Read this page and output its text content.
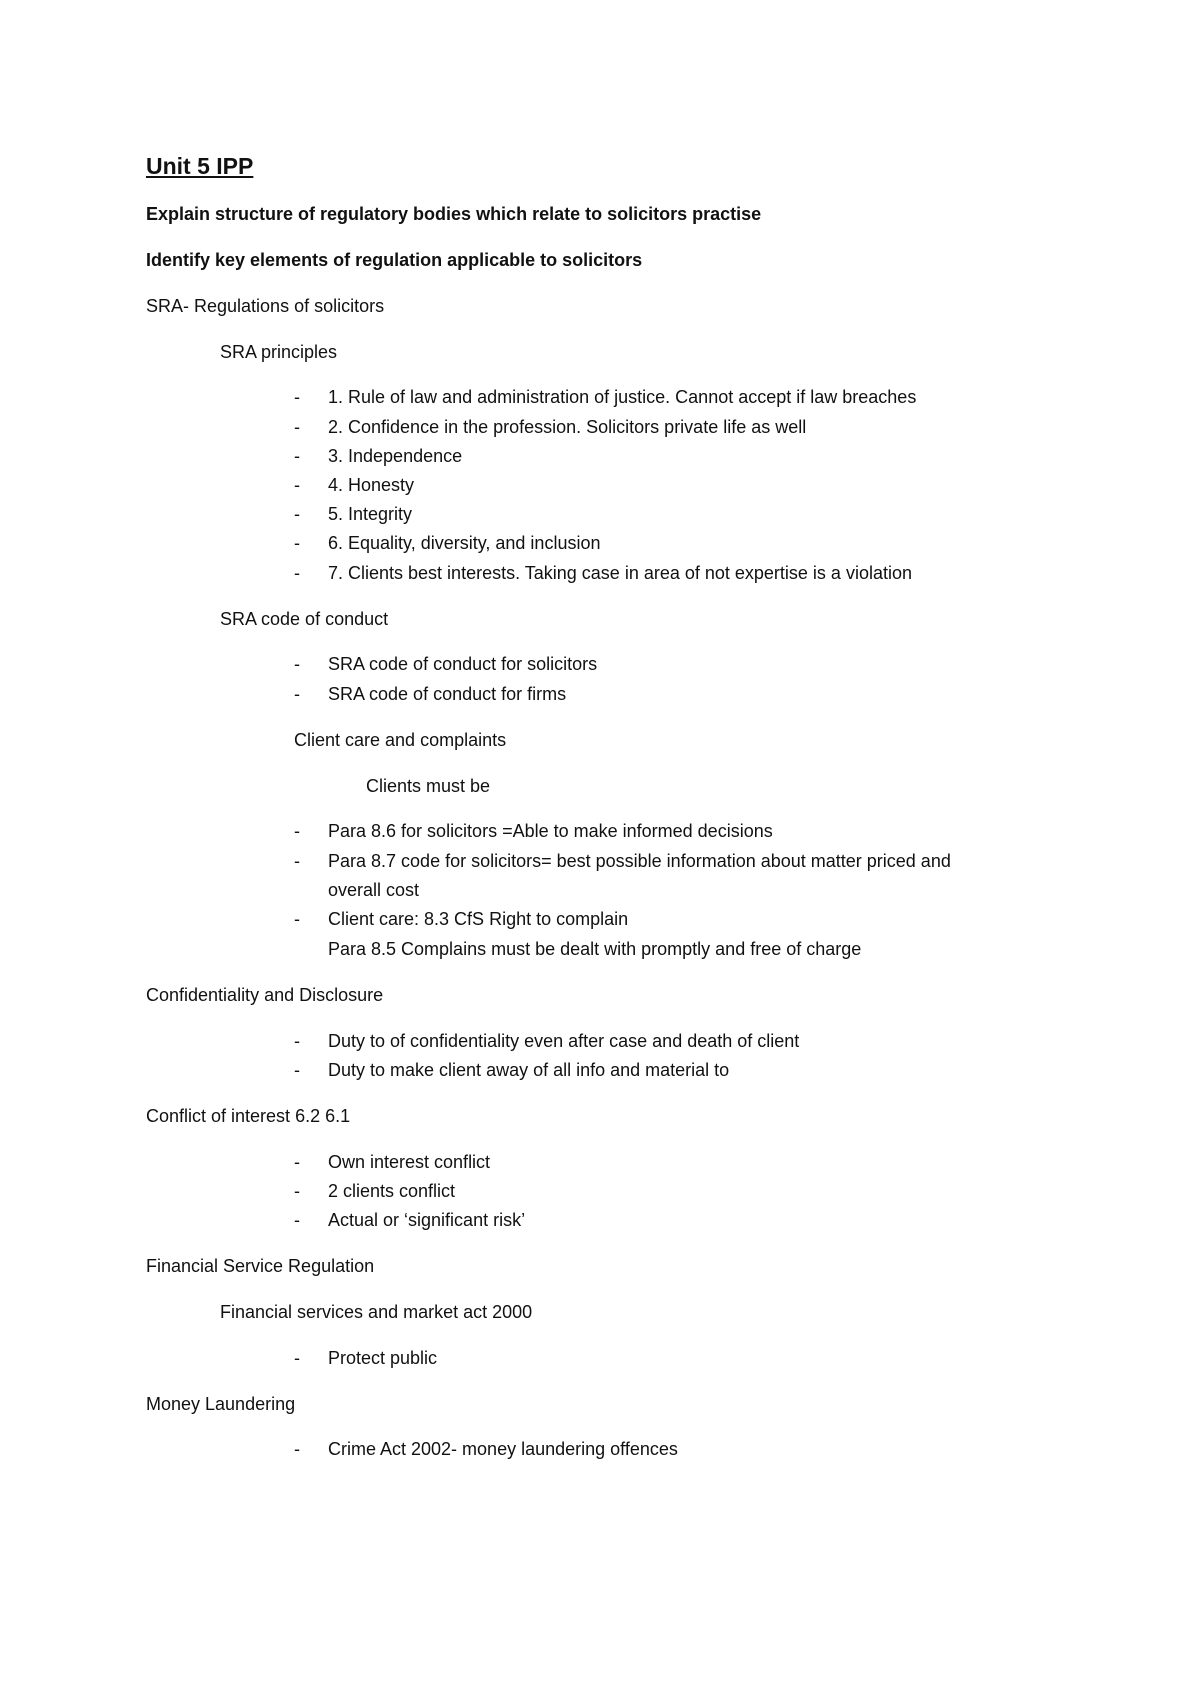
Unit 5 IPP
Explain structure of regulatory bodies which relate to solicitors practise
Identify key elements of regulation applicable to solicitors
SRA- Regulations of solicitors
SRA principles
- 1. Rule of law and administration of justice. Cannot accept if law breaches
- 2. Confidence in the profession. Solicitors private life as well
- 3. Independence
- 4. Honesty
- 5. Integrity
- 6. Equality, diversity, and inclusion
- 7. Clients best interests. Taking case in area of not expertise is a violation
SRA code of conduct
- SRA code of conduct for solicitors
- SRA code of conduct for firms
Client care and complaints
Clients must be
- Para 8.6 for solicitors =Able to make informed decisions
- Para 8.7 code for solicitors= best possible information about matter priced and
overall cost
- Client care: 8.3 CfS Right to complain
Para 8.5 Complains must be dealt with promptly and free of charge
Confidentiality and Disclosure
- Duty to of confidentiality even after case and death of client
- Duty to make client away of all info and material to
Conflict of interest 6.2 6.1
- Own interest conflict
- 2 clients conflict
- Actual or ‘significant risk’
Financial Service Regulation
Financial services and market act 2000
- Protect public
Money Laundering
- Crime Act 2002- money laundering offences
